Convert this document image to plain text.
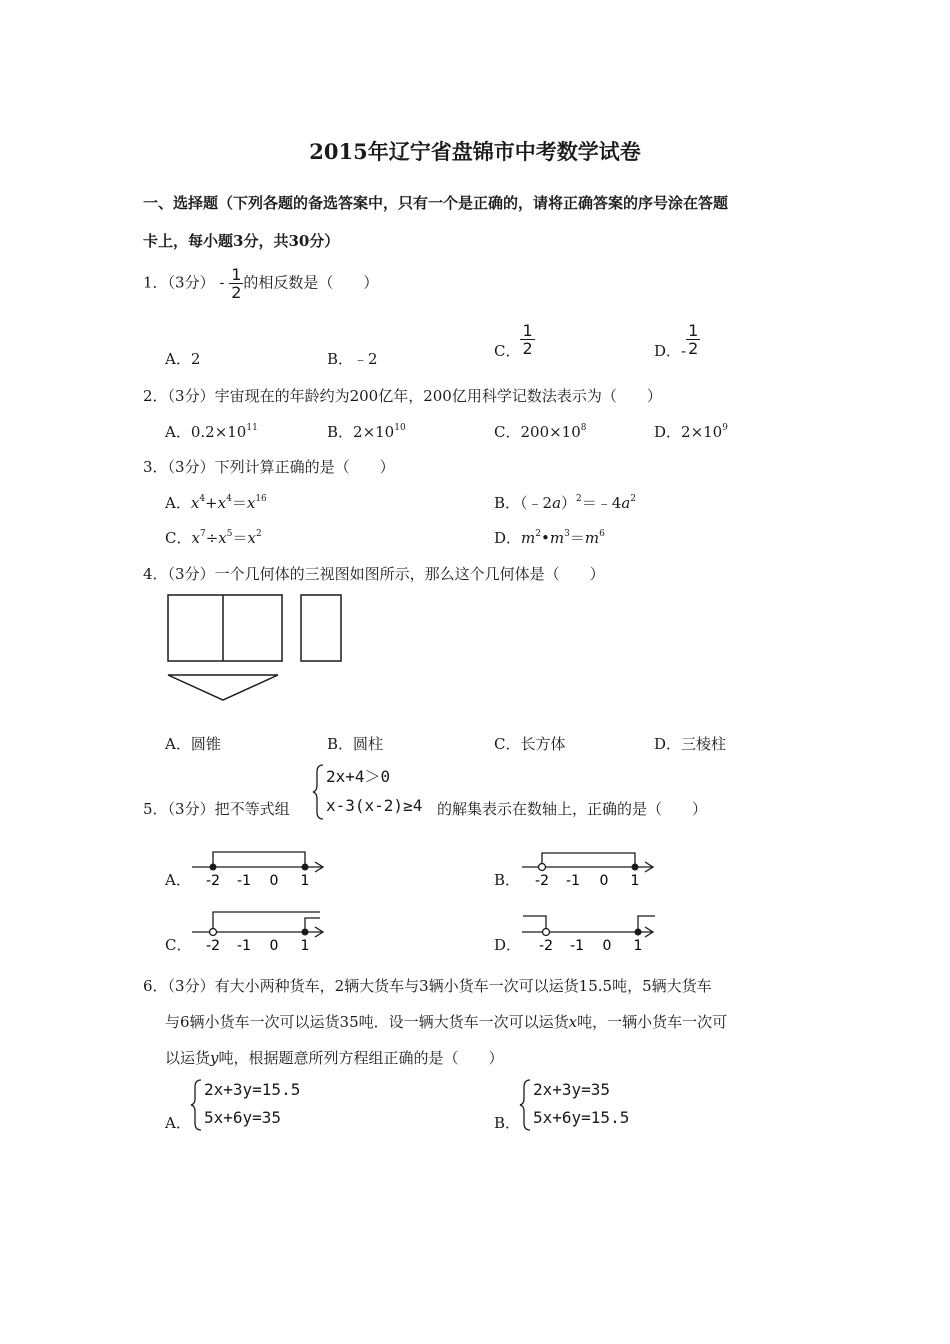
2015年辽宁省盘锦市中考数学试卷
一、选择题（下列各题的备选答案中，只有一个是正确的，请将正确答案的序号涂在答题
卡上，每小题3分，共30分）
1．（3分） - $\frac{1}{2}$ 的相反数是（　　）
A．2	B．﹣2	C． $\frac{1}{2}$	D．- $\frac{1}{2}$
2．（3分）宇宙现在的年龄约为200亿年，200亿用科学记数法表示为（　　）
A．$0.2\times 10^{11}$	B．$2\times 10^{10}$	C．$200\times 10^8$	D．$2\times 10^9$
3．（3分）下列计算正确的是（　　）
A．$x^4+x^4=x^{16}$	B．$(﹣2a)^2=﹣4a^2$
C．$x^7\div x^5=x^2$	D．$m^2•m^3=m^6$
4．（3分）一个几何体的三视图如图所示，那么这个几何体是（　　）
A．圆锥	B．圆柱	C．长方体	D．三棱柱
5．（3分）把不等式组
2x+4＞0
x-3(x-2)≥4 的解集表示在数轴上，正确的是（　　）
A．	B．
C．	D．
-2 -1 0 1	-2 -1 0 1
-2 -1 0 1	-2 -1 0 1
6．（3分）有大小两种货车，2辆大货车与3辆小货车一次可以运货15.5吨，5辆大货车
与6辆小货车一次可以运货35吨．设一辆大货车一次可以运货x吨，一辆小货车一次可
以运货y吨，根据题意所列方程组正确的是（　　）
A．
2x+3y=15.5
5x+6y=35	B．
2x+3y=35
5x+6y=15.5
